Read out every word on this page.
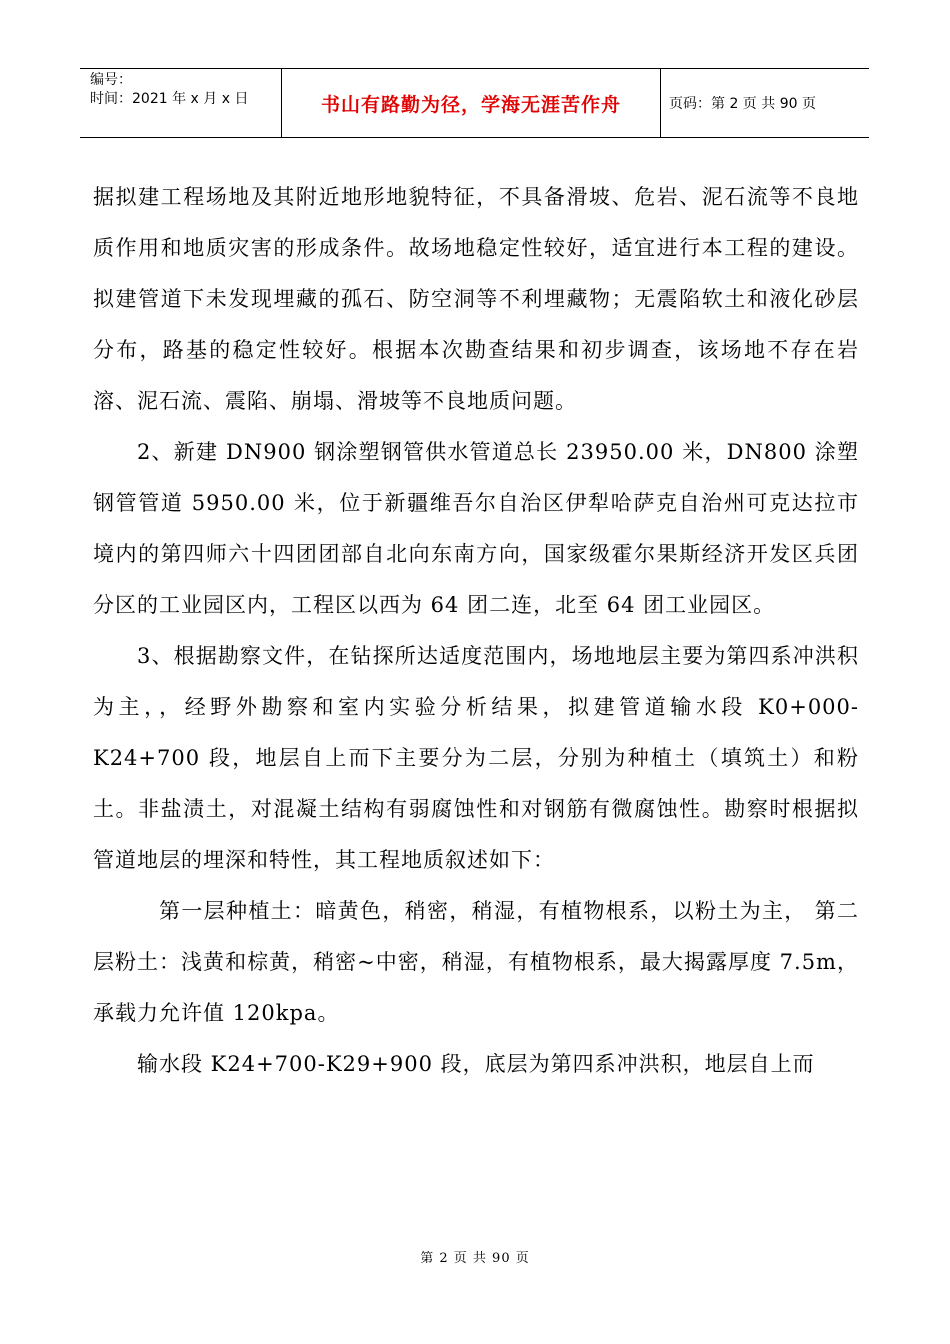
编号：
时间：2021 年 x 月 x 日	书山有路勤为径，学海无涯苦作舟	页码：第 2 页 共 90 页

据拟建工程场地及其附近地形地貌特征，不具备滑坡、危岩、泥石流等不良地质作用和地质灾害的形成条件。故场地稳定性较好，适宜进行本工程的建设。拟建管道下未发现埋藏的孤石、防空洞等不利埋藏物；无震陷软土和液化砂层分布，路基的稳定性较好。根据本次勘查结果和初步调查，该场地不存在岩溶、泥石流、震陷、崩塌、滑坡等不良地质问题。

2、新建 DN900 钢涂塑钢管供水管道总长 23950.00 米，DN800 涂塑钢管管道 5950.00 米，位于新疆维吾尔自治区伊犁哈萨克自治州可克达拉市境内的第四师六十四团团部自北向东南方向，国家级霍尔果斯经济开发区兵团分区的工业园区内，工程区以西为 64 团二连，北至 64 团工业园区。

3、根据勘察文件，在钻探所达适度范围内，场地地层主要为第四系冲洪积为主，，经野外勘察和室内实验分析结果，拟建管道输水段 K0+000-K24+700 段，地层自上而下主要分为二层，分别为种植土（填筑土）和粉土。非盐渍土，对混凝土结构有弱腐蚀性和对钢筋有微腐蚀性。勘察时根据拟管道地层的埋深和特性，其工程地质叙述如下：

第一层种植土：暗黄色，稍密，稍湿，有植物根系，以粉土为主， 第二层粉土：浅黄和棕黄，稍密~中密，稍湿，有植物根系，最大揭露厚度 7.5m，承载力允许值 120kpa。

输水段 K24+700-K29+900 段，底层为第四系冲洪积，地层自上而

第 2 页 共 90 页
